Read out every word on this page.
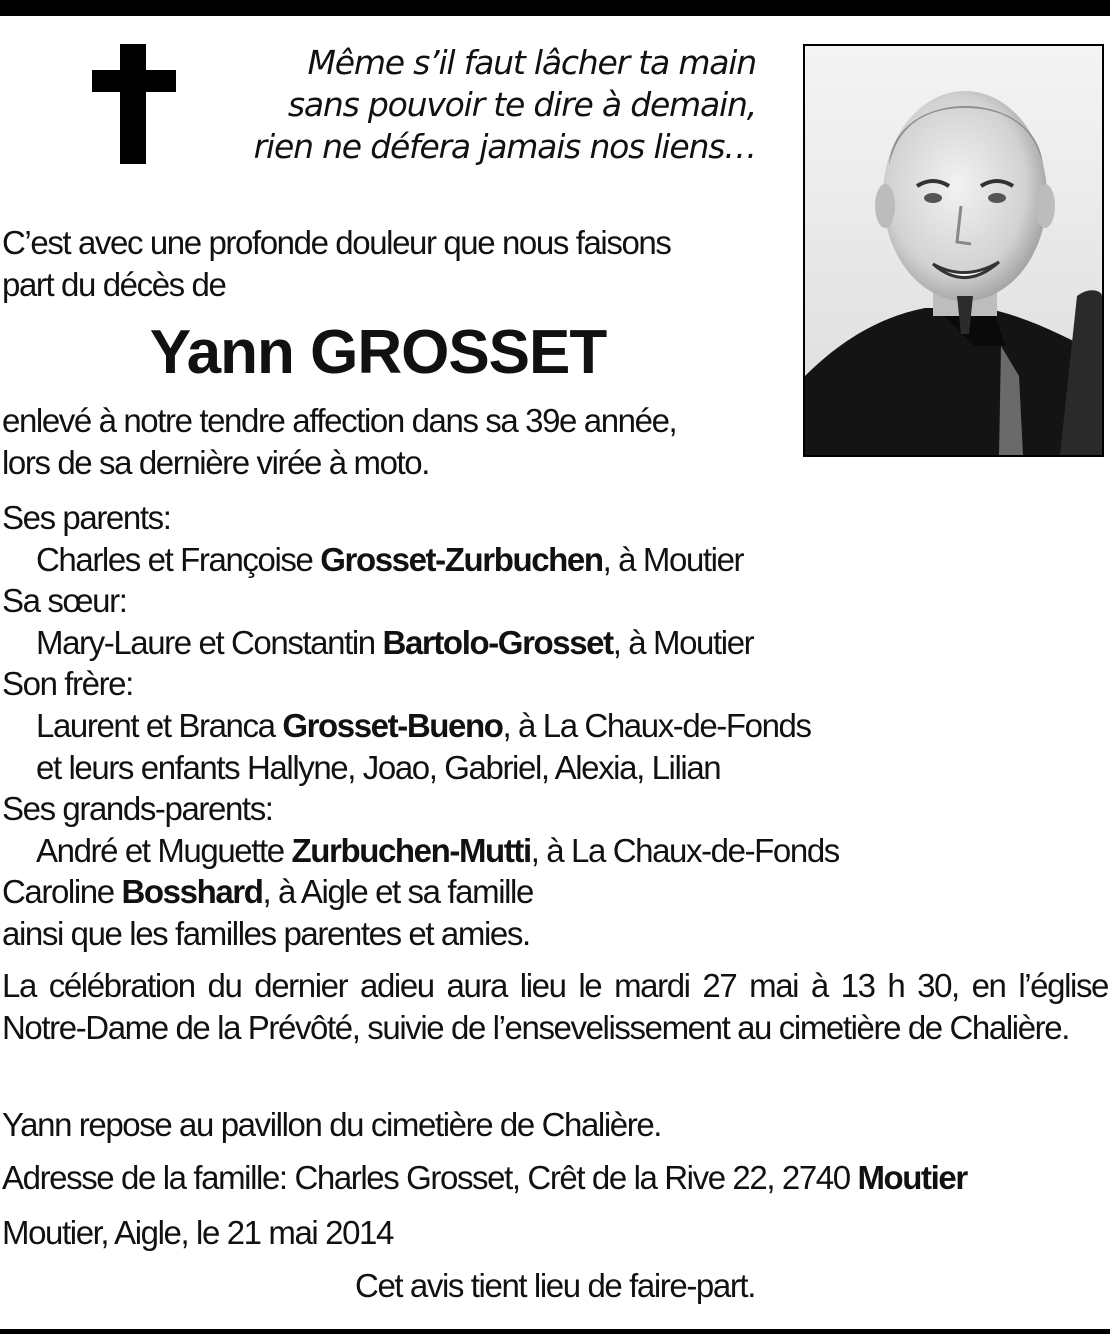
Même s’il faut lâcher ta main
sans pouvoir te dire à demain,
rien ne défera jamais nos liens…
C’est avec une profonde douleur que nous faisons
part du décès de
Yann GROSSET
enlevé à notre tendre affection dans sa 39e année,
lors de sa dernière virée à moto.
Ses parents:
Charles et Françoise Grosset-Zurbuchen, à Moutier
Sa sœur:
Mary-Laure et Constantin Bartolo-Grosset, à Moutier
Son frère:
Laurent et Branca Grosset-Bueno, à La Chaux-de-Fonds
et leurs enfants Hallyne, Joao, Gabriel, Alexia, Lilian
Ses grands-parents:
André et Muguette Zurbuchen-Mutti, à La Chaux-de-Fonds
Caroline Bosshard, à Aigle et sa famille
ainsi que les familles parentes et amies.
La célébration du dernier adieu aura lieu le mardi 27 mai à 13 h 30, en l’église Notre-Dame de la Prévôté, suivie de l’ensevelissement au cimetière de Chalière.
Yann repose au pavillon du cimetière de Chalière.
Adresse de la famille: Charles Grosset, Crêt de la Rive 22, 2740 Moutier
Moutier, Aigle, le 21 mai 2014
Cet avis tient lieu de faire-part.
